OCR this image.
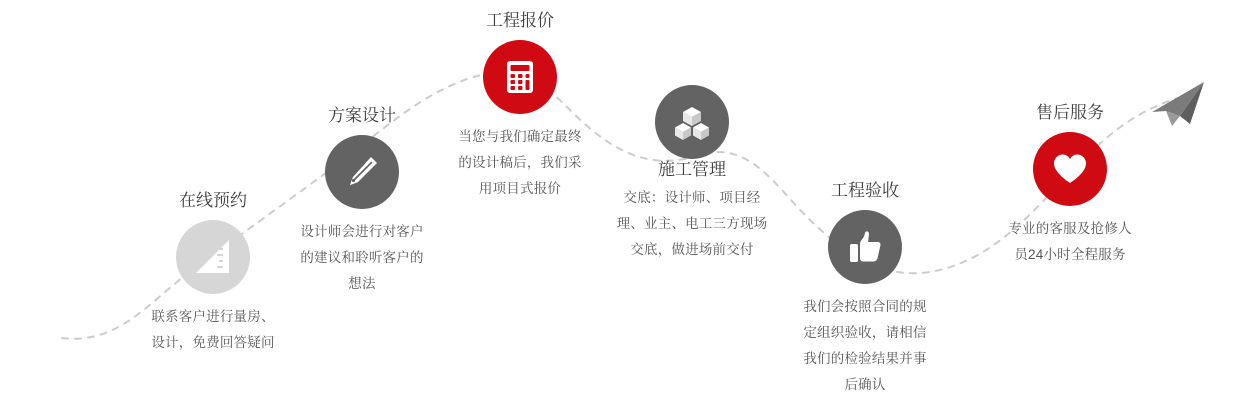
在线预约
联系客户进行量房、设计，免费回答疑问
方案设计
设计师会进行对客户的建议和聆听客户的想法
工程报价
当您与我们确定最终的设计稿后，我们采用项目式报价
施工管理
交底：设计师、项目经理、业主、电工三方现场交底，做进场前交付
工程验收
我们会按照合同的规定组织验收，请相信我们的检验结果并事后确认
售后服务
专业的客服及抢修人员24小时全程服务
